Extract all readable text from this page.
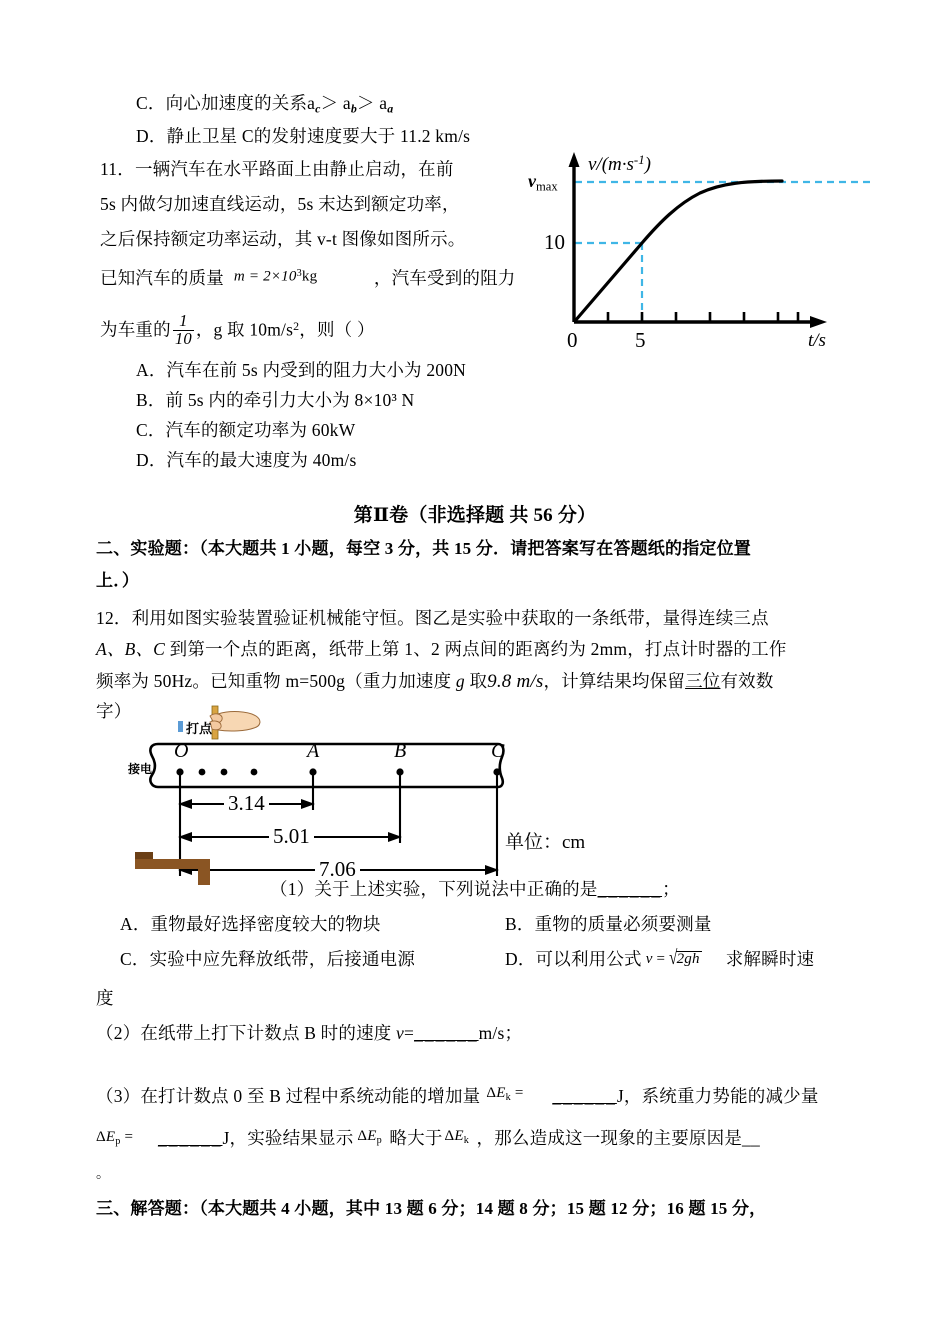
C．向心加速度的关系$a_c> a_b> a_a$
D．静止卫星 C的发射速度要大于 11.2 km/s
11．一辆汽车在水平路面上由静止启动，在前
5s 内做匀加速直线运动，5s 末达到额定功率，
之后保持额定功率运动，其 v-t 图像如图所示。
已知汽车的质量 $m = 2\times 10^3kg$	，汽车受到的阻力
为车重的 $\frac{1}{10}$ ，g 取 $10m/s^2$，则（ ）
A．汽车在前 5s 内受到的阻力大小为 200N
B．前 5s 内的牵引力大小为 8×10³ N
C．汽车的额定功率为 60kW
D．汽车的最大速度为 40m/s
$v/(m\cdot s^{-1})$
$v_{max}$
10
0	5	t/s
第Ⅱ卷（非选择题 共 56 分）
二、实验题：（本大题共 1 小题，每空 3 分，共 15 分．请把答案写在答题纸的指定位置
上．）
12．利用如图实验装置验证机械能守恒。图乙是实验中获取的一条纸带，量得连续三点
A、B、C 到第一个点的距离，纸带上第 1、2 两点间的距离约为 2mm，打点计时器的工作
频率为 50Hz。已知重物 m=500g（重力加速度 g 取9.8 m/s，计算结果均保留三位有效数
字）
打点
接电
O	A	B	C
3.14
5.01
7.06
单位：cm
（1）关于上述实验，下列说法中正确的是______；
A．重物最好选择密度较大的物块	B．重物的质量必须要测量
C．实验中应先释放纸带，后接通电源	D．可以利用公式 v = √2gh 求解瞬时速
度
（2）在纸带上打下计数点 B 时的速度 v=______m/s；
（3）在打计数点 0 至 B 过程中系统动能的增加量 $\Delta E_k$ = ______J，系统重力势能的减少量
$\Delta E_p$ = ______J，实验结果显示 $\Delta E_p$ 略大于 $\Delta E_k$ ，那么造成这一现象的主要原因是__
。
三、解答题：（本大题共 4 小题，其中 13 题 6 分；14 题 8 分；15 题 12 分；16 题 15 分，
